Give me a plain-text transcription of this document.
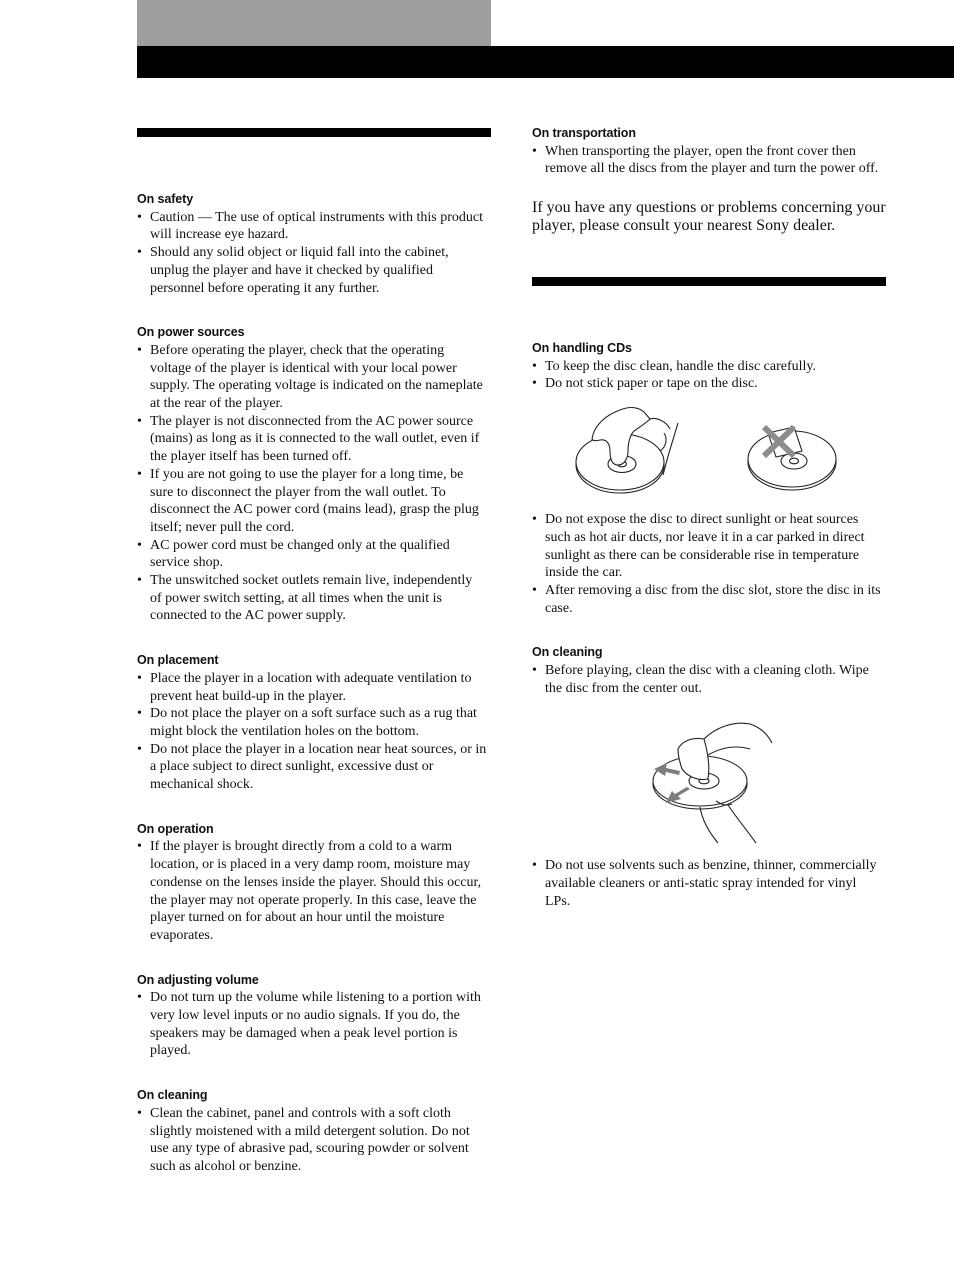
On safety
•
Caution — The use of optical instruments with this product
will increase eye hazard.
•
Should any solid object or liquid fall into the cabinet,
unplug the player and have it checked by qualified
personnel before operating it any further.
On power sources
•
Before operating the player, check that the operating
voltage of the player is identical with your local power
supply. The operating voltage is indicated on the nameplate
at the rear of the player.
•
The player is not disconnected from the AC power source
(mains) as long as it is connected to the wall outlet, even if
the player itself has been turned off.
•
If you are not going to use the player for a long time, be
sure to disconnect the player from the wall outlet. To
disconnect the AC power cord (mains lead), grasp the plug
itself; never pull the cord.
•
AC power cord must be changed only at the qualified
service shop.
•
The unswitched socket outlets remain live, independently
of power switch setting, at all times when the unit is
connected to the AC power supply.
On placement
•
Place the player in a location with adequate ventilation to
prevent heat build-up in the player.
•
Do not place the player on a soft surface such as a rug that
might block the ventilation holes on the bottom.
•
Do not place the player in a location near heat sources, or in
a place subject to direct sunlight, excessive dust or
mechanical shock.
On operation
•
If the player is brought directly from a cold to a warm
location, or is placed in a very damp room, moisture may
condense on the lenses inside the player. Should this occur,
the player may not operate properly. In this case, leave the
player turned on for about an hour until the moisture
evaporates.
On adjusting volume
•
Do not turn up the volume while listening to a portion with
very low level inputs or no audio signals. If you do, the
speakers may be damaged when a peak level portion is
played.
On cleaning
•
Clean the cabinet, panel and controls with a soft cloth
slightly moistened with a mild detergent solution. Do not
use any type of abrasive pad, scouring powder or solvent
such as alcohol or benzine.
On transportation
•
When transporting the player, open the front cover then
remove all the discs from the player and turn the power off.
If you have any questions or problems concerning your
player, please consult your nearest Sony dealer.
On handling CDs
•
To keep the disc clean, handle the disc carefully.
•
Do not stick paper or tape on the disc.
•
Do not expose the disc to direct sunlight or heat sources
such as hot air ducts, nor leave it in a car parked in direct
sunlight as there can be considerable rise in temperature
inside the car.
•
After removing a disc from the disc slot, store the disc in its
case.
On cleaning
•
Before playing, clean the disc with a cleaning cloth. Wipe
the disc from the center out.
•
Do not use solvents such as benzine, thinner, commercially
available cleaners or anti-static spray intended for vinyl
LPs.
